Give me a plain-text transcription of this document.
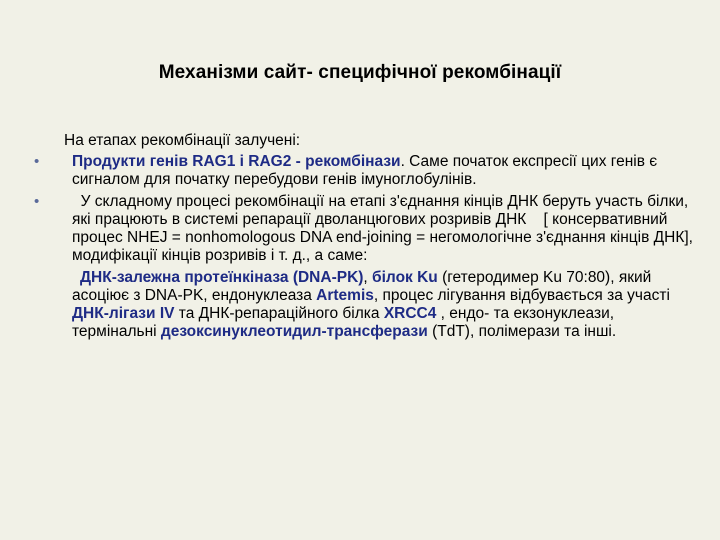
Механізми сайт- специфічної рекомбінації
На етапах рекомбінації залучені:
•	Продукти генів RAG1 і RAG2 - рекомбінази. Саме початок експресії цих генів є сигналом для початку перебудови генів імуноглобулінів.
•	У складному процесі рекомбінації на етапі з'єднання кінців ДНК беруть участь білки, які працюють в системі репарації дволанцюгових розривів ДНК    [ консервативний процес NHEJ = nonhomologous DNA end-joining = негомологічне з'єднання кінців ДНК], модифікації кінців розривів і т. д., а саме:
ДНК-залежна протеїнкіназа (DNA-PK), білок Ku (гетеродимер Ku 70:80), який асоціює з DNA-PK, ендонуклеаза Artemis, процес лігування відбувається за участі ДНК-лігази IV та ДНК-репараційного білка XRCC4 , ендо- та екзонуклеази, термінальні дезоксинуклеотидил-трансферази (TdT), полімерази та інші.
